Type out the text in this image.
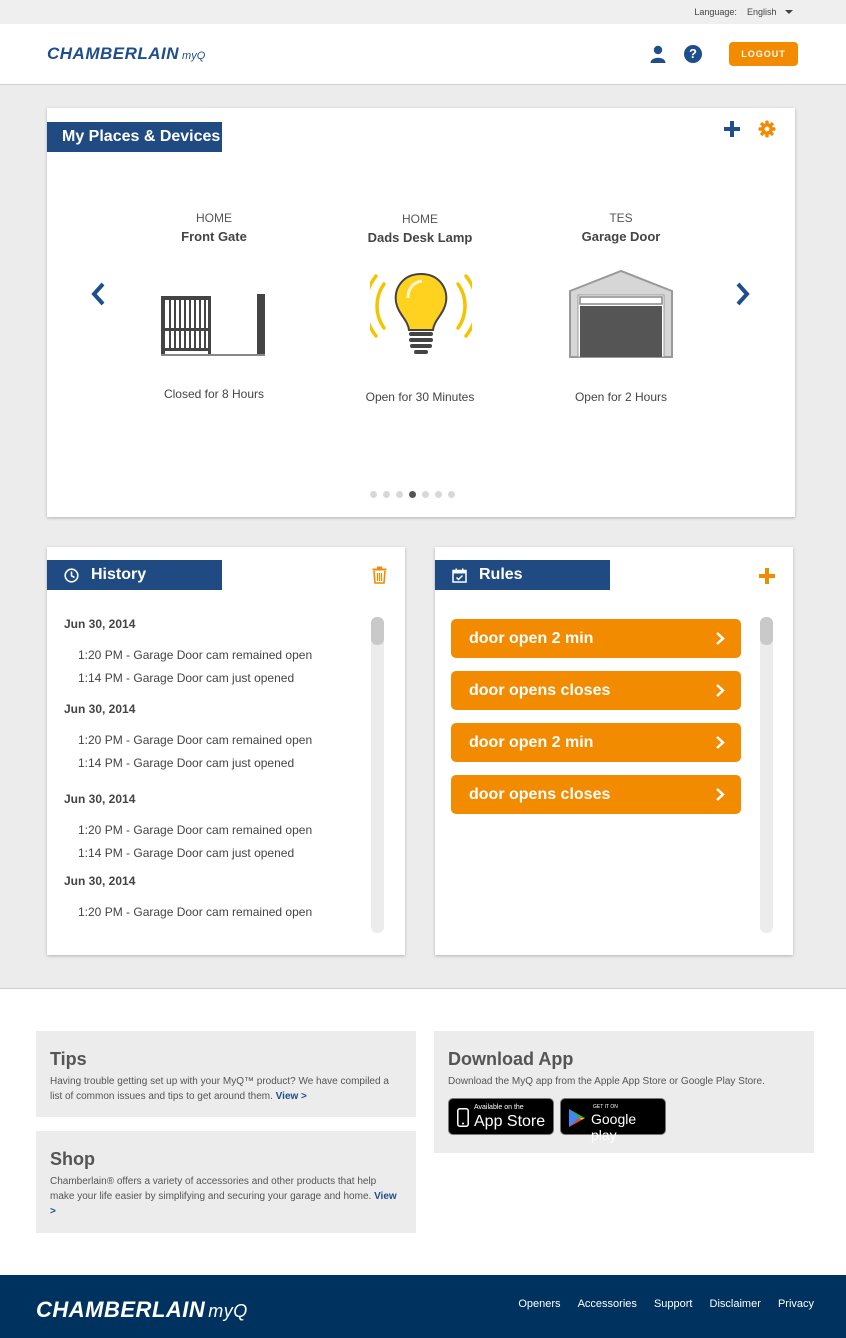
Language: English
CHAMBERLAIN myQ	?	LOGOUT
My Places & Devices
HOME
Front Gate
Closed for 8 Hours
HOME
Dads Desk Lamp
Open for 30 Minutes
TES
Garage Door
Open for 2 Hours
History
Jun 30, 2014
1:20 PM - Garage Door cam remained open
1:14 PM - Garage Door cam just opened
Jun 30, 2014
1:20 PM - Garage Door cam remained open
1:14 PM - Garage Door cam just opened
Jun 30, 2014
1:20 PM - Garage Door cam remained open
1:14 PM - Garage Door cam just opened
Jun 30, 2014
1:20 PM - Garage Door cam remained open
Rules
door open 2 min
door opens closes
door open 2 min
door opens closes
Tips
Having trouble getting set up with your MyQ™ product? We have compiled a list of common issues and tips to get around them. View >
Shop
Chamberlain® offers a variety of accessories and other products that help make your life easier by simplifying and securing your garage and home. View >
Download App
Download the MyQ app from the Apple App Store or Google Play Store.
Available on the
App Store
GET IT ON
Google play
CHAMBERLAIN myQ	Openers Accessories Support Disclaimer Privacy
